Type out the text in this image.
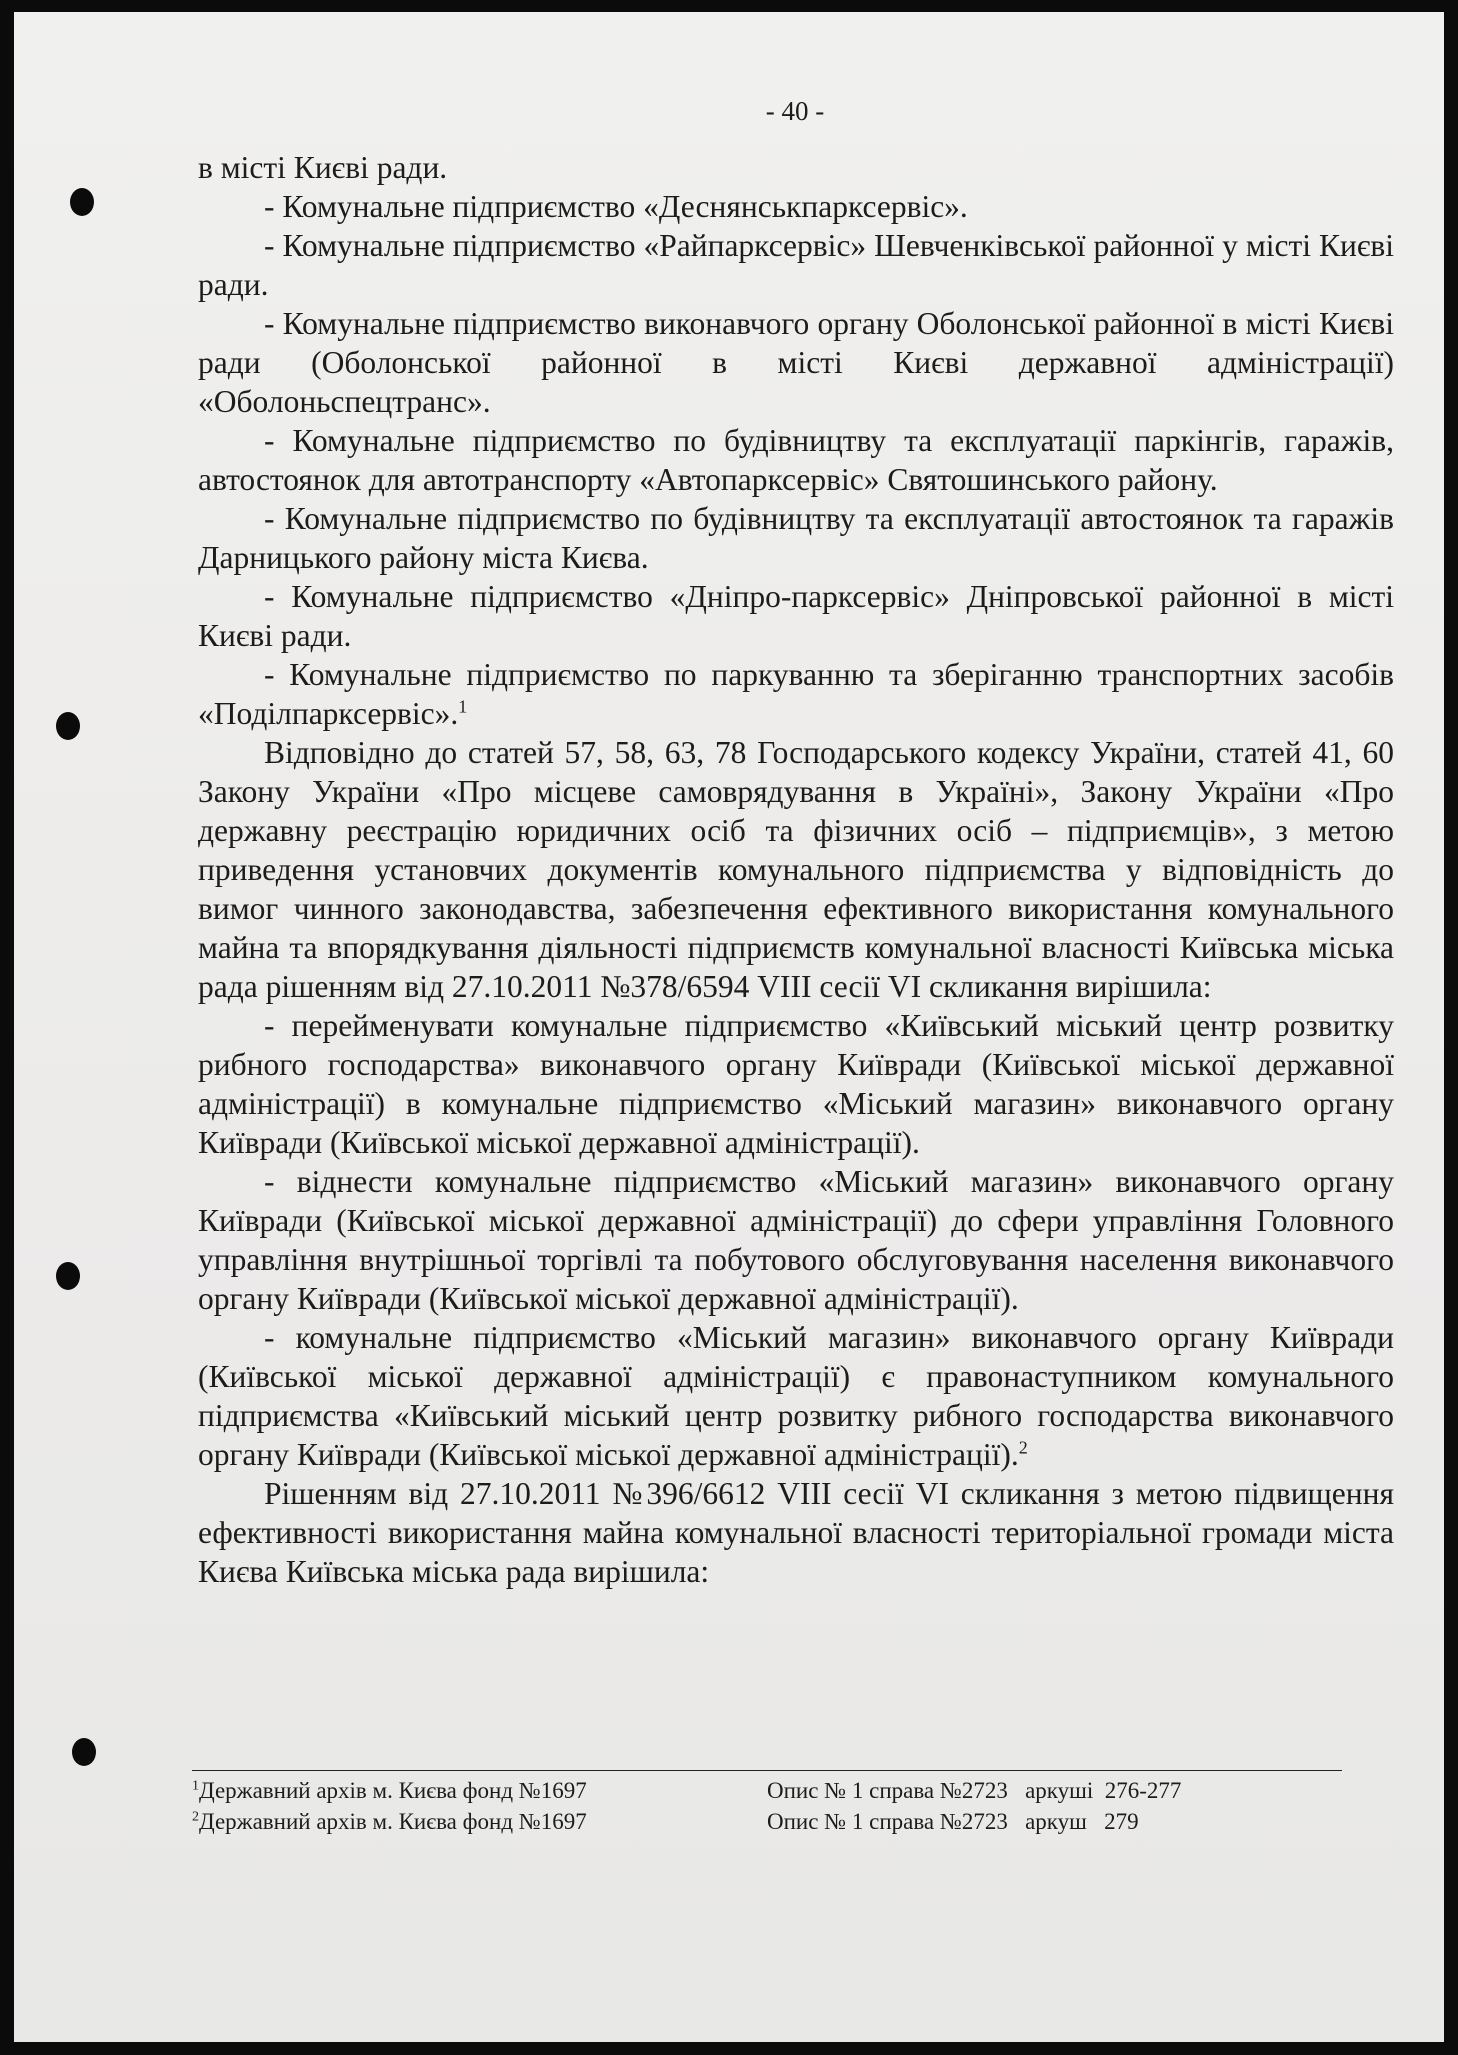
- 40 -

в місті Києві ради.

- Комунальне підприємство «Деснянськпарксервіс».

- Комунальне підприємство «Райпарксервіс» Шевченківської районної у місті Києві ради.

- Комунальне підприємство виконавчого органу Оболонської районної в місті Києві ради (Оболонської районної в місті Києві державної адміністрації) «Оболоньспецтранс».

- Комунальне підприємство по будівництву та експлуатації паркінгів, гаражів, автостоянок для автотранспорту «Автопарксервіс» Святошинського району.

- Комунальне підприємство по будівництву та експлуатації автостоянок та гаражів Дарницького району міста Києва.

- Комунальне підприємство «Дніпро-парксервіс» Дніпровської районної в місті Києві ради.

- Комунальне підприємство по паркуванню та зберіганню транспортних засобів «Поділпарксервіс».$^1$

Відповідно до статей 57, 58, 63, 78 Господарського кодексу України, статей 41, 60 Закону України «Про місцеве самоврядування в Україні», Закону України «Про державну реєстрацію юридичних осіб та фізичних осіб – підприємців», з метою приведення установчих документів комунального підприємства у відповідність до вимог чинного законодавства, забезпечення ефективного використання комунального майна та впорядкування діяльності підприємств комунальної власності Київська міська рада рішенням від 27.10.2011 №378/6594 VIII сесії VI скликання вирішила:

- перейменувати комунальне підприємство «Київський міський центр розвитку рибного господарства» виконавчого органу Київради (Київської міської державної адміністрації) в комунальне підприємство «Міський магазин» виконавчого органу Київради (Київської міської державної адміністрації).

- віднести комунальне підприємство «Міський магазин» виконавчого органу Київради (Київської міської державної адміністрації) до сфери управління Головного управління внутрішньої торгівлі та побутового обслуговування населення виконавчого органу Київради (Київської міської державної адміністрації).

- комунальне підприємство «Міський магазин» виконавчого органу Київради (Київської міської державної адміністрації) є правонаступником комунального підприємства «Київський міський центр розвитку рибного господарства виконавчого органу Київради (Київської міської державної адміністрації).$^2$

Рішенням від 27.10.2011 №396/6612 VIII сесії VI скликання з метою підвищення ефективності використання майна комунальної власності територіальної громади міста Києва Київська міська рада вирішила:

$^1$Державний архів м. Києва фонд №1697	Опис № 1 справа №2723   аркуші  276-277
$^2$Державний архів м. Києва фонд №1697	Опис № 1 справа №2723   аркуш   279
